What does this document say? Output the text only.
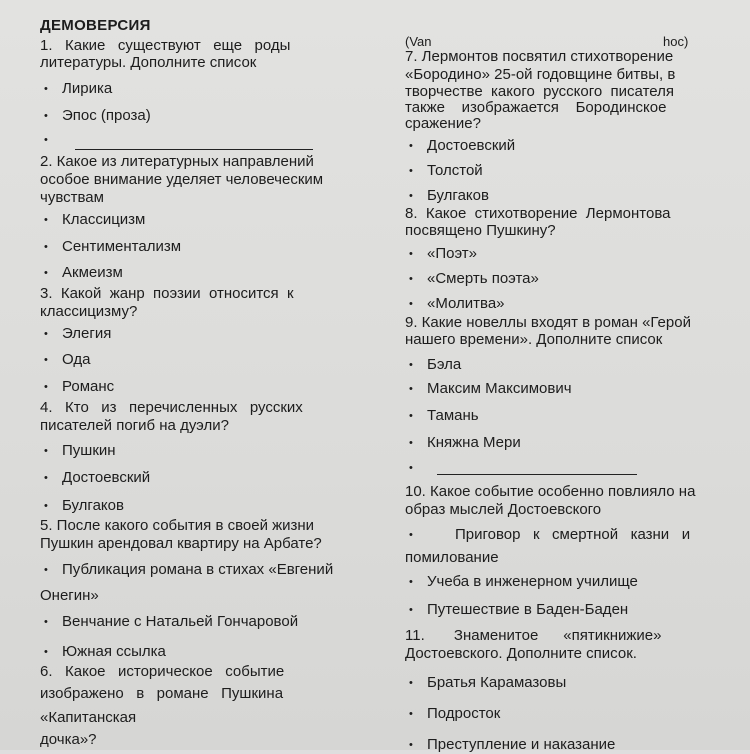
ДЕМОВЕРСИЯ
1.   Какие   существуют   еще   роды
литературы. Дополните список
• Лирика
• Эпос (проза)
2. Какое из литературных направлений
особое внимание уделяет человеческим
чувствам
• Классицизм
• Сентиментализм
• Акмеизм
3.  Какой  жанр  поэзии  относится  к
классицизму?
• Элегия
• Ода
• Романс
4.   Кто   из   перечисленных   русских
писателей погиб на дуэли?
• Пушкин
• Достоевский
• Булгаков
5. После какого события в своей жизни
Пушкин арендовал квартиру на Арбате?
• Публикация романа в стихах «Евгений
Онегин»
• Венчание с Натальей Гончаровой
• Южная ссылка
6.   Какое   историческое   событие
изображено   в   романе   Пушкина
«Капитанская
дочка»?
(Van	hoc)
7. Лермонтов посвятил стихотворение
«Бородино» 25-ой годовщине битвы, в
творчестве  какого  русского  писателя
также    изображается    Бородинское
сражение?
• Достоевский
• Толстой
• Булгаков
8.  Какое  стихотворение  Лермонтова
посвящено Пушкину?
• «Поэт»
• «Смерть поэта»
• «Молитва»
9. Какие новеллы входят в роман «Герой
нашего времени». Дополните список
• Бэла
• Максим Максимович
• Тамань
• Княжна Мери
10. Какое событие особенно повлияло на
образ мыслей Достоевского
• Приговор   к   смертной   казни   и
помилование
• Учеба в инженерном училище
• Путешествие в Баден-Баден
11.       Знаменитое      «пятикнижие»
Достоевского. Дополните список.
• Братья Карамазовы
• Подросток
• Преступление и наказание
